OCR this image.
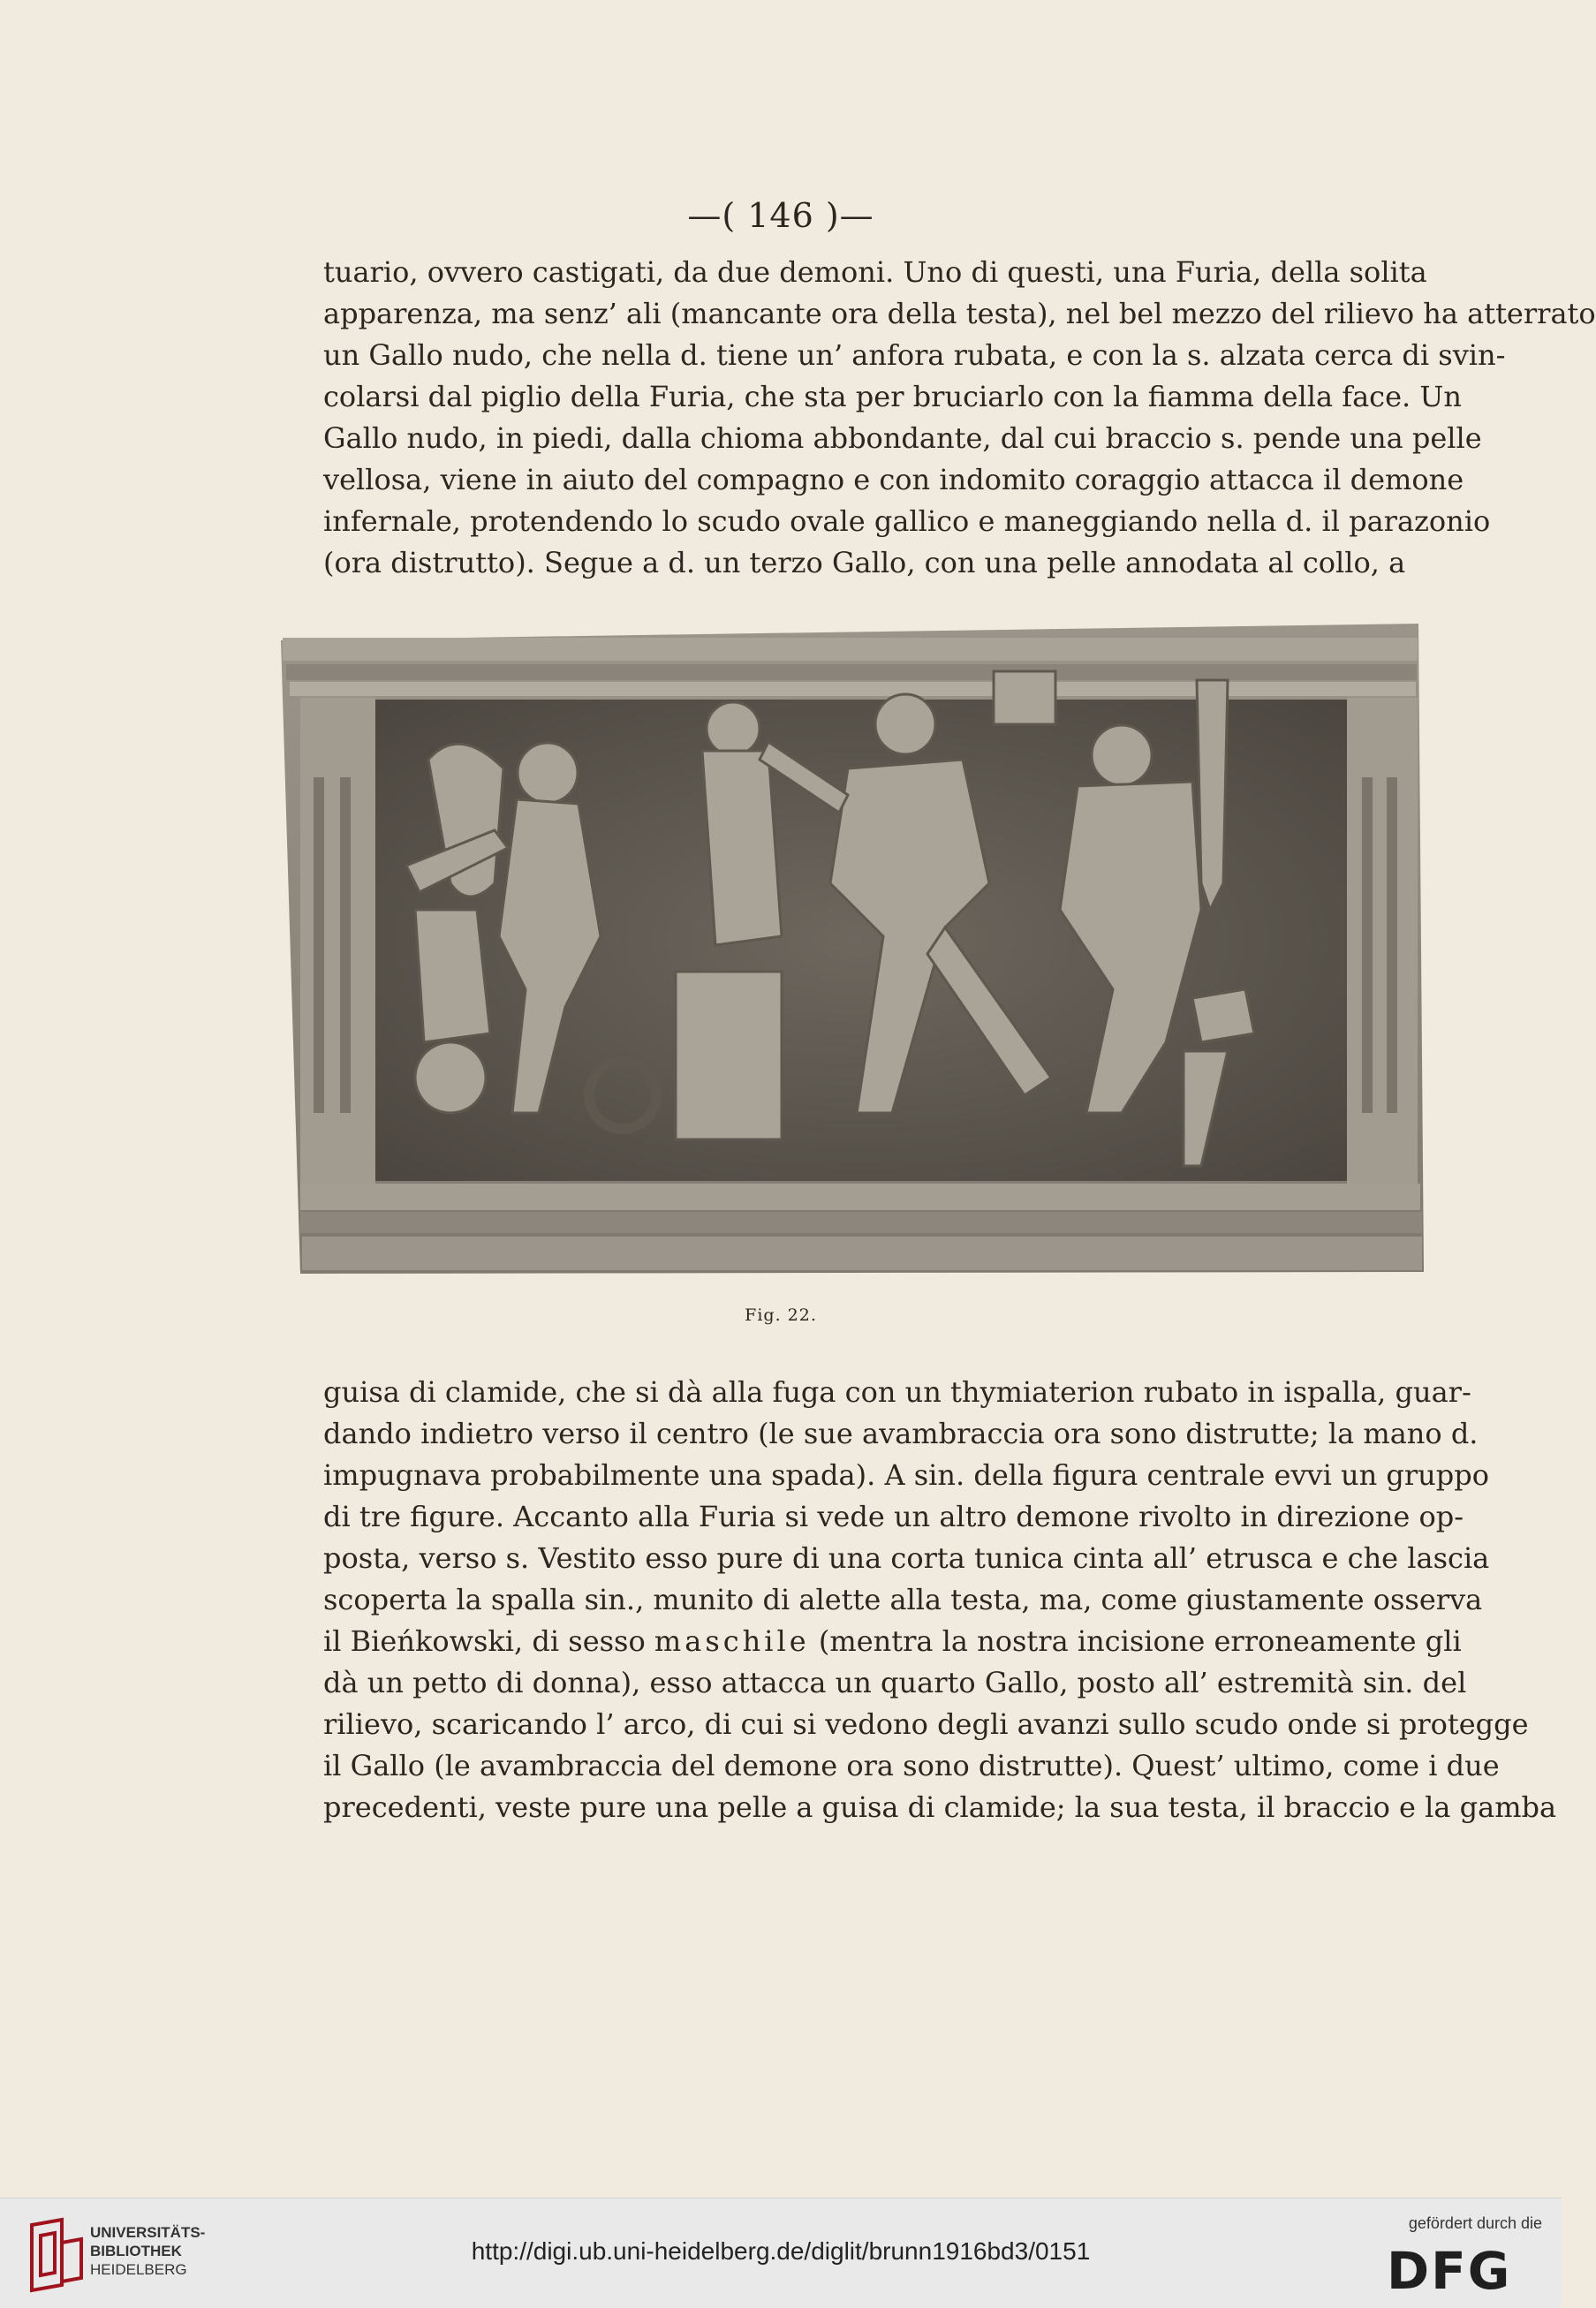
—( 146 )—
tuario, ovvero castigati, da due demoni. Uno di questi, una Furia, della solita
apparenza, ma senz’ ali (mancante ora della testa), nel bel mezzo del rilievo ha atterrato
un Gallo nudo, che nella d. tiene un’ anfora rubata, e con la s. alzata cerca di svin-
colarsi dal piglio della Furia, che sta per bruciarlo con la fiamma della face. Un
Gallo nudo, in piedi, dalla chioma abbondante, dal cui braccio s. pende una pelle
vellosa, viene in aiuto del compagno e con indomito coraggio attacca il demone
infernale, protendendo lo scudo ovale gallico e maneggiando nella d. il parazonio
(ora distrutto). Segue a d. un terzo Gallo, con una pelle annodata al collo, a
Fig. 22.
guisa di clamide, che si dà alla fuga con un thymiaterion rubato in ispalla, guar-
dando indietro verso il centro (le sue avambraccia ora sono distrutte; la mano d.
impugnava probabilmente una spada). A sin. della figura centrale evvi un gruppo
di tre figure. Accanto alla Furia si vede un altro demone rivolto in direzione op-
posta, verso s. Vestito esso pure di una corta tunica cinta all’ etrusca e che lascia
scoperta la spalla sin., munito di alette alla testa, ma, come giustamente osserva
il Bieńkowski, di sesso maschile (mentra la nostra incisione erroneamente gli
dà un petto di donna), esso attacca un quarto Gallo, posto all’ estremità sin. del
rilievo, scaricando l’ arco, di cui si vedono degli avanzi sullo scudo onde si protegge
il Gallo (le avambraccia del demone ora sono distrutte). Quest’ ultimo, come i due
precedenti, veste pure una pelle a guisa di clamide; la sua testa, il braccio e la gamba
UNIVERSITÄTS-
BIBLIOTHEK
HEIDELBERG
http://digi.ub.uni-heidelberg.de/diglit/brunn1916bd3/0151
gefördert durch die
DFG
